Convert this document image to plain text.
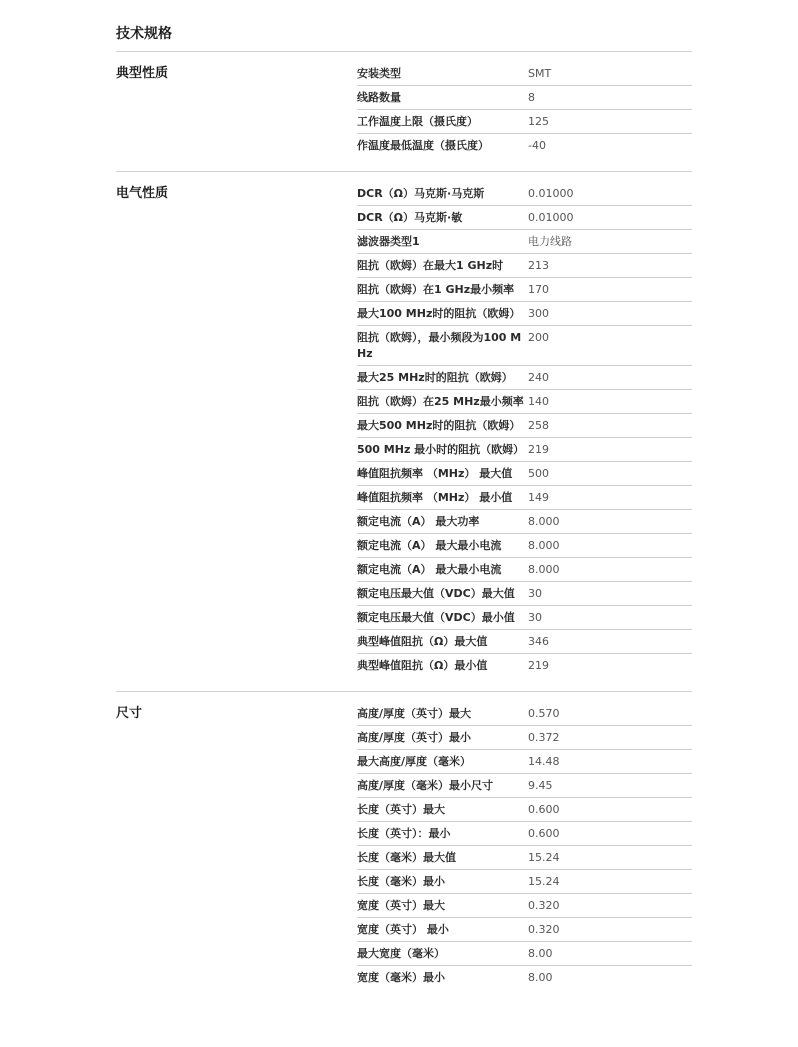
技术规格
典型性质	安装类型	SMT
线路数量	8
工作温度上限（摄氏度）	125
作温度最低温度（摄氏度）	-40
电气性质	DCR（Ω）马克斯·马克斯	0.01000
DCR（Ω）马克斯·敏	0.01000
滤波器类型1	电力线路
阻抗（欧姆）在最大1 GHz时	213
阻抗（欧姆）在1 GHz最小频率	170
最大100 MHz时的阻抗（欧姆） 300
阻抗（欧姆），最小频段为100 MHz
200
最大25 MHz时的阻抗（欧姆）	240
阻抗（欧姆）在25 MHz最小频率 140
最大500 MHz时的阻抗（欧姆） 258
500 MHz 最小时的阻抗（欧姆） 219
峰值阻抗频率 （MHz） 最大值	500
峰值阻抗频率 （MHz） 最小值	149
额定电流（A） 最大功率	8.000
额定电流（A） 最大最小电流	8.000
额定电流（A） 最大最小电流	8.000
额定电压最大值（VDC）最大值	30
额定电压最大值（VDC）最小值	30
典型峰值阻抗（Ω）最大值	346
典型峰值阻抗（Ω）最小值	219
尺寸	高度/厚度（英寸）最大	0.570
高度/厚度（英寸）最小	0.372
最大高度/厚度（毫米）	14.48
高度/厚度（毫米）最小尺寸	9.45
长度（英寸）最大	0.600
长度（英寸）：最小	0.600
长度（毫米）最大值	15.24
长度（毫米）最小	15.24
宽度（英寸）最大	0.320
宽度（英寸） 最小	0.320
最大宽度（毫米）	8.00
宽度（毫米）最小	8.00
